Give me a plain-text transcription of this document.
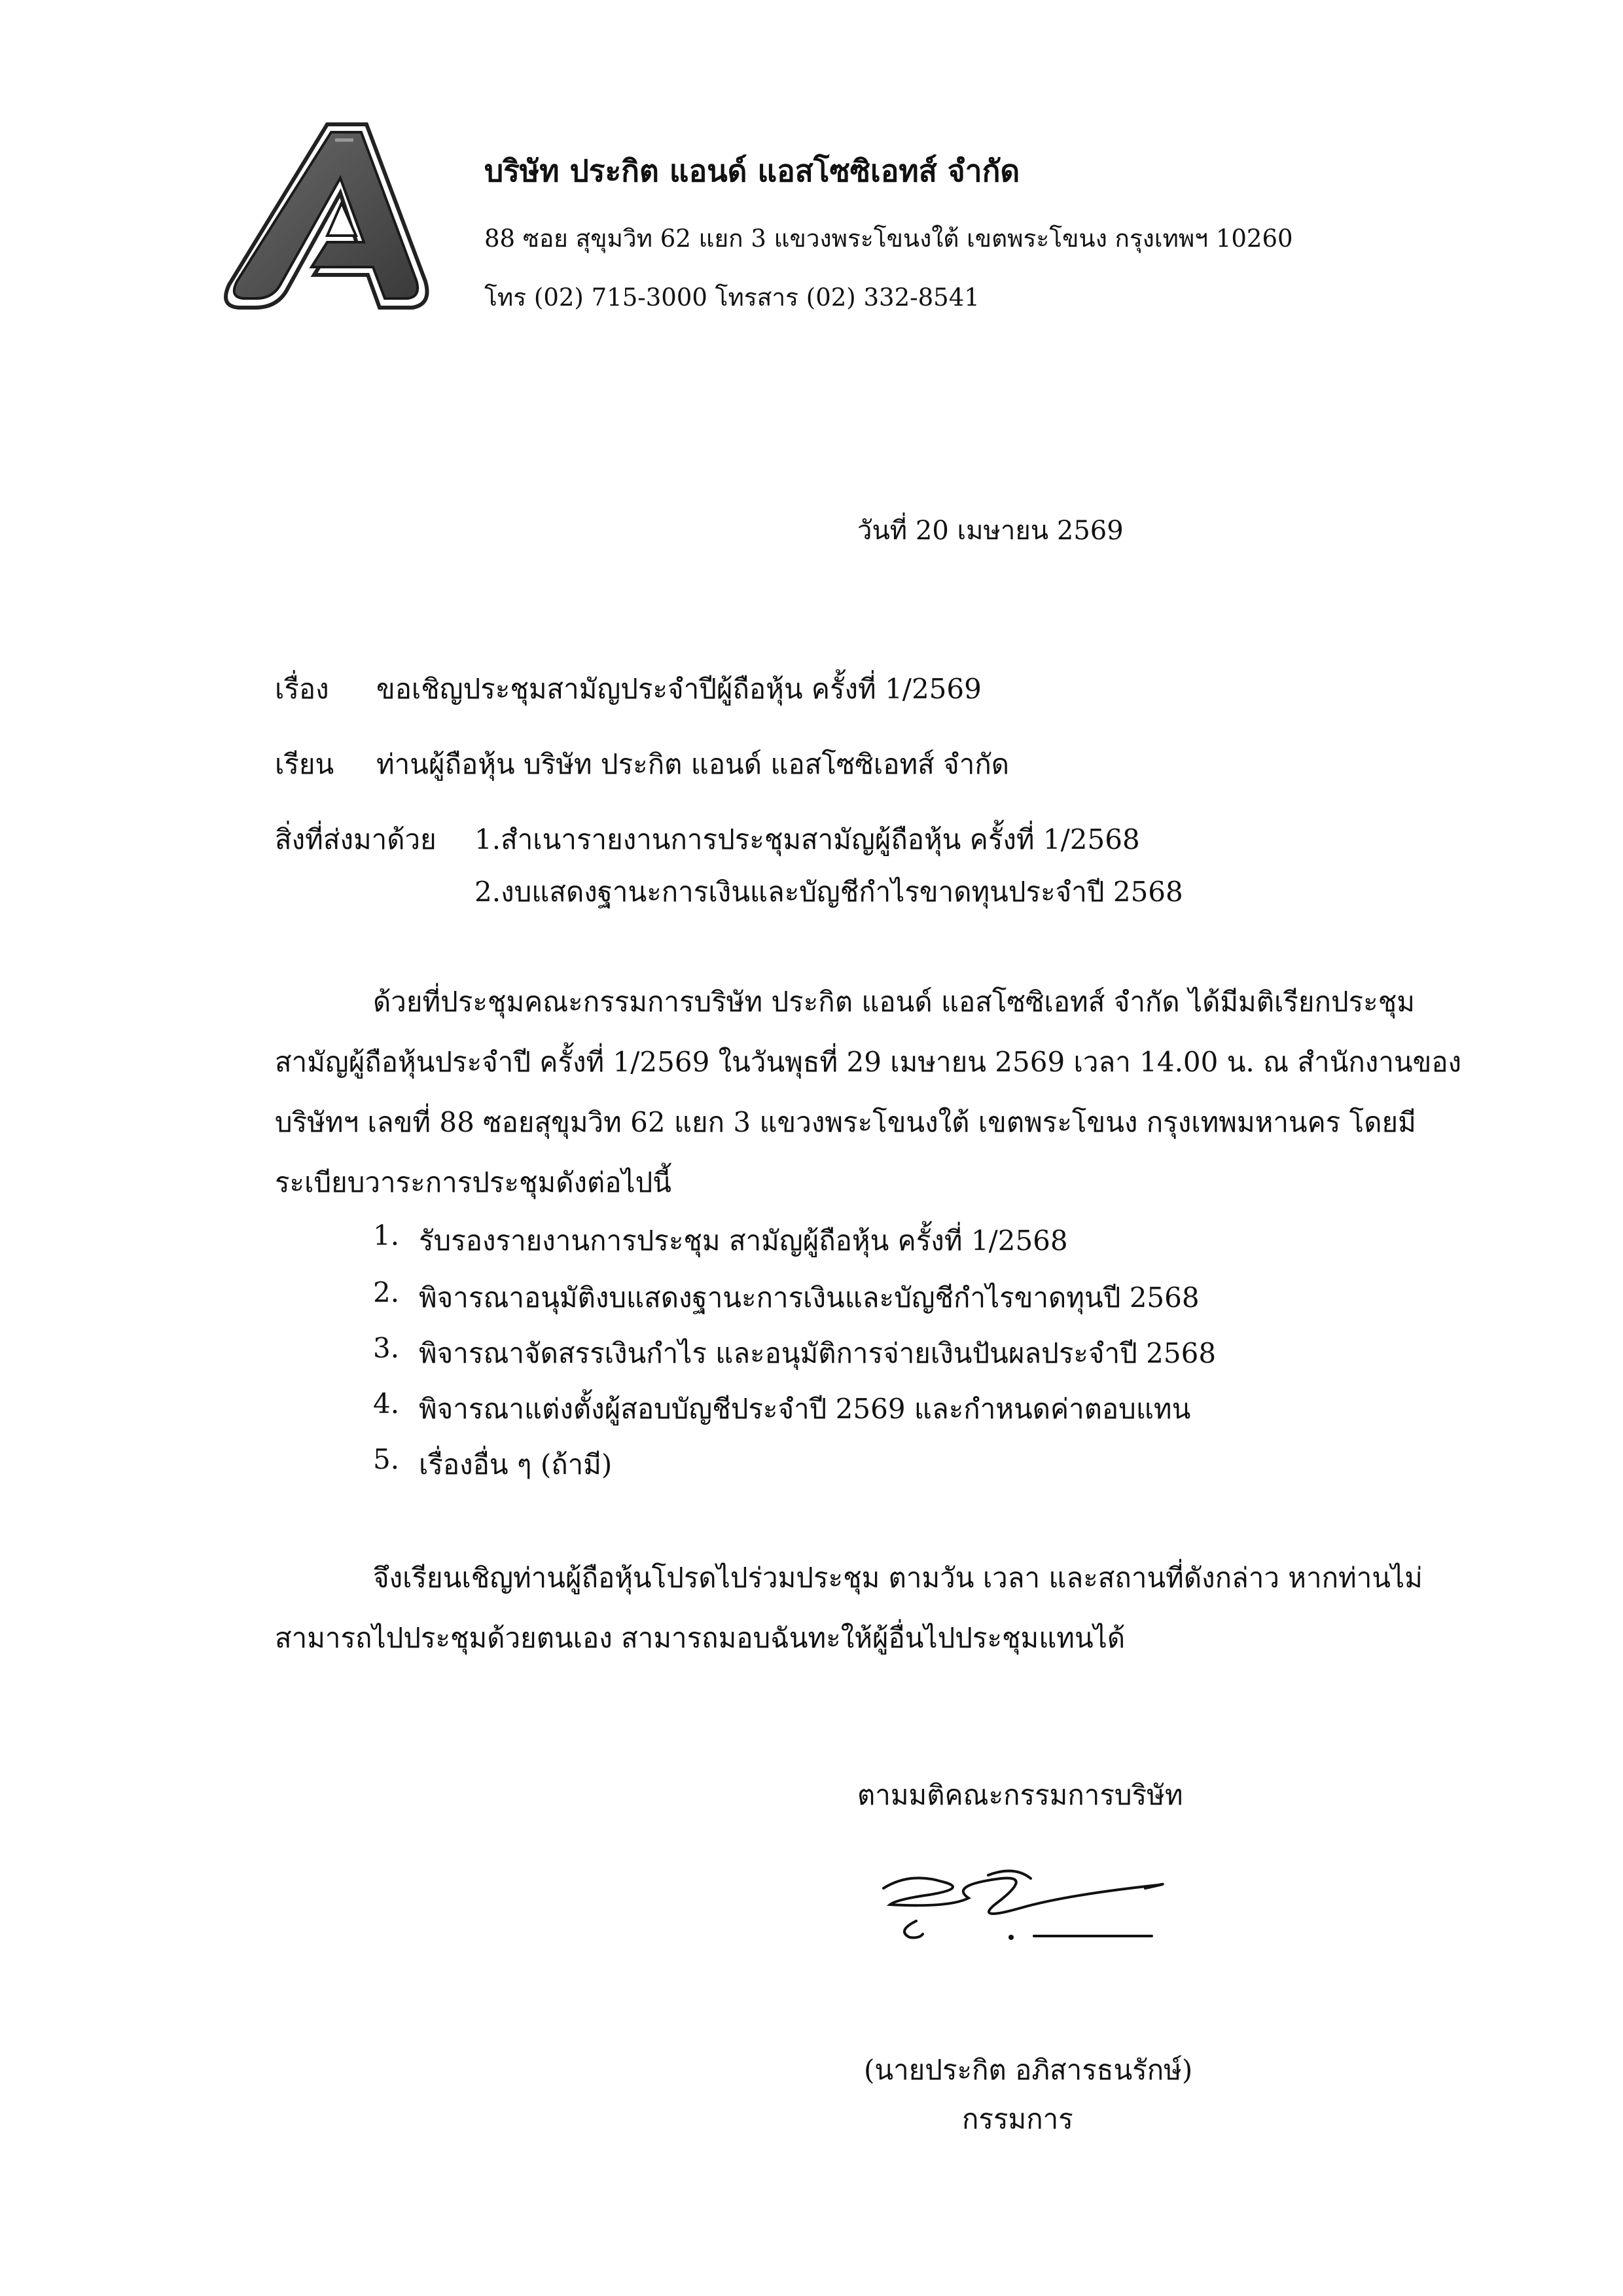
บริษัท ประกิต แอนด์ แอสโซซิเอทส์ จำกัด
88 ซอย สุขุมวิท 62 แยก 3 แขวงพระโขนงใต้ เขตพระโขนง กรุงเทพฯ 10260
โทร (02) 715-3000 โทรสาร (02) 332-8541
วันที่ 20 เมษายน 2569
เรื่อง ขอเชิญประชุมสามัญประจำปีผู้ถือหุ้น ครั้งที่ 1/2569
เรียน ท่านผู้ถือหุ้น บริษัท ประกิต แอนด์ แอสโซซิเอทส์ จำกัด
สิ่งที่ส่งมาด้วย 1.สำเนารายงานการประชุมสามัญผู้ถือหุ้น ครั้งที่ 1/2568
2.งบแสดงฐานะการเงินและบัญชีกำไรขาดทุนประจำปี 2568
ด้วยที่ประชุมคณะกรรมการบริษัท ประกิต แอนด์ แอสโซซิเอทส์ จำกัด ได้มีมติเรียกประชุม
สามัญผู้ถือหุ้นประจำปี ครั้งที่ 1/2569 ในวันพุธที่ 29 เมษายน 2569 เวลา 14.00 น. ณ สำนักงานของ
บริษัทฯ เลขที่ 88 ซอยสุขุมวิท 62 แยก 3 แขวงพระโขนงใต้ เขตพระโขนง กรุงเทพมหานคร โดยมี
ระเบียบวาระการประชุมดังต่อไปนี้
1. รับรองรายงานการประชุม สามัญผู้ถือหุ้น ครั้งที่ 1/2568
2. พิจารณาอนุมัติงบแสดงฐานะการเงินและบัญชีกำไรขาดทุนปี 2568
3. พิจารณาจัดสรรเงินกำไร และอนุมัติการจ่ายเงินปันผลประจำปี 2568
4. พิจารณาแต่งตั้งผู้สอบบัญชีประจำปี 2569 และกำหนดค่าตอบแทน
5. เรื่องอื่น ๆ (ถ้ามี)
จึงเรียนเชิญท่านผู้ถือหุ้นโปรดไปร่วมประชุม ตามวัน เวลา และสถานที่ดังกล่าว หากท่านไม่
สามารถไปประชุมด้วยตนเอง สามารถมอบฉันทะให้ผู้อื่นไปประชุมแทนได้
ตามมติคณะกรรมการบริษัท
(นายประกิต อภิสารธนรักษ์)
กรรมการ
